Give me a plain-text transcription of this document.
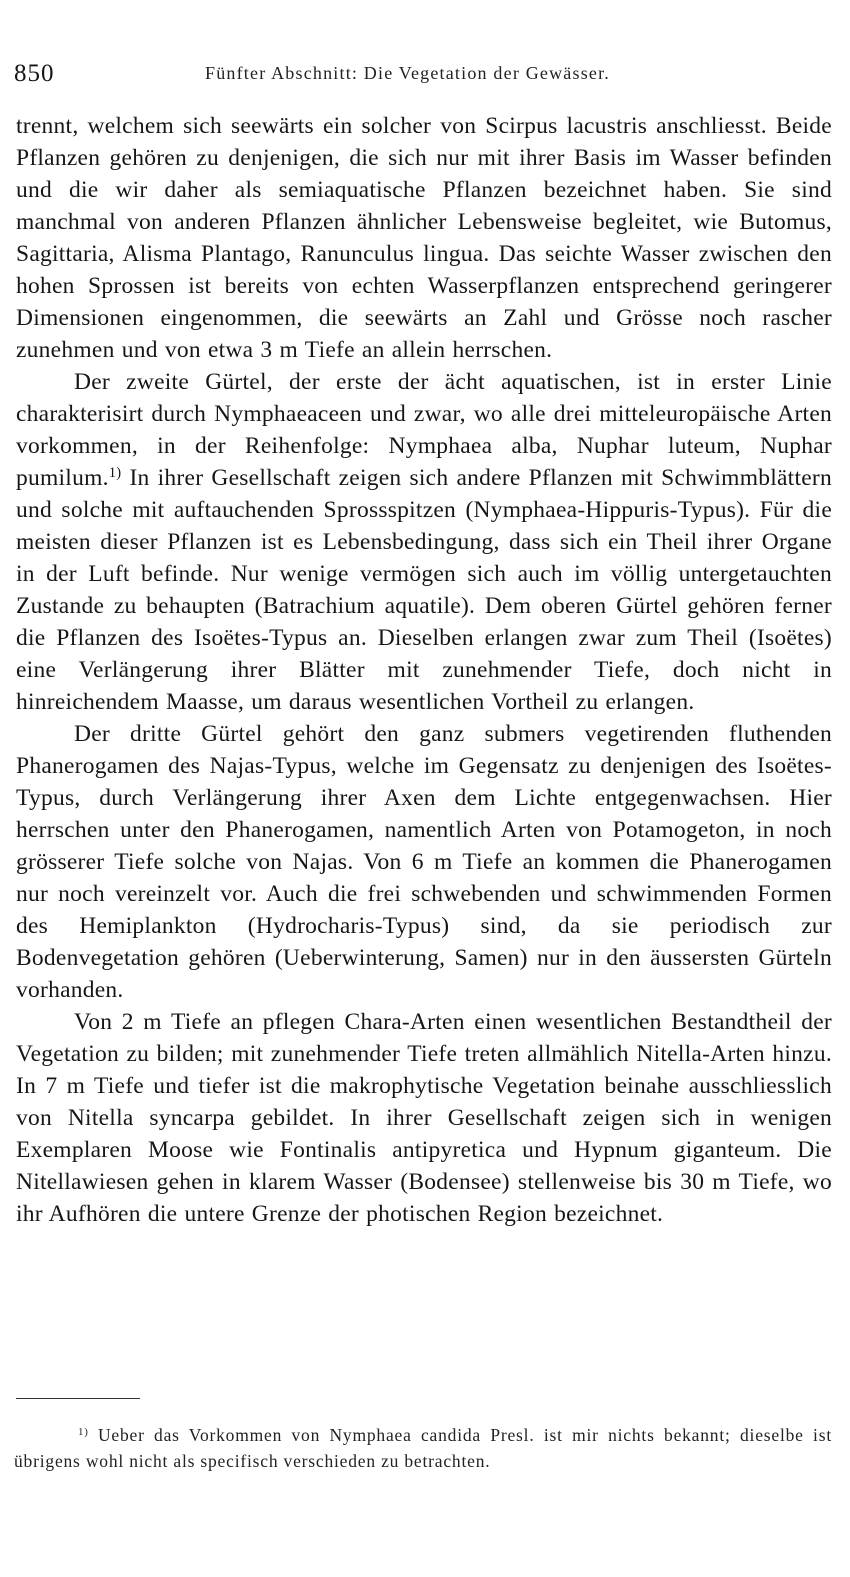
850	Fünfter Abschnitt: Die Vegetation der Gewässer.

trennt, welchem sich seewärts ein solcher von Scirpus lacustris anschliesst. Beide Pflanzen gehören zu denjenigen, die sich nur mit ihrer Basis im Wasser befinden und die wir daher als semiaquatische Pflanzen bezeichnet haben. Sie sind manchmal von anderen Pflanzen ähnlicher Lebensweise begleitet, wie Butomus, Sagittaria, Alisma Plantago, Ranunculus lingua. Das seichte Wasser zwischen den hohen Sprossen ist bereits von echten Wasserpflanzen entsprechend geringerer Dimensionen eingenommen, die seewärts an Zahl und Grösse noch rascher zunehmen und von etwa 3 m Tiefe an allein herrschen.

Der zweite Gürtel, der erste der ächt aquatischen, ist in erster Linie charakterisirt durch Nymphaeaceen und zwar, wo alle drei mitteleuropäische Arten vorkommen, in der Reihenfolge: Nymphaea alba, Nuphar luteum, Nuphar pumilum.$^{1)}$ In ihrer Gesellschaft zeigen sich andere Pflanzen mit Schwimmblättern und solche mit auftauchenden Sprossspitzen (Nymphaea-Hippuris-Typus). Für die meisten dieser Pflanzen ist es Lebensbedingung, dass sich ein Theil ihrer Organe in der Luft befinde. Nur wenige vermögen sich auch im völlig untergetauchten Zustande zu behaupten (Batrachium aquatile). Dem oberen Gürtel gehören ferner die Pflanzen des Isoëtes-Typus an. Dieselben erlangen zwar zum Theil (Isoëtes) eine Verlängerung ihrer Blätter mit zunehmender Tiefe, doch nicht in hinreichendem Maasse, um daraus wesentlichen Vortheil zu erlangen.

Der dritte Gürtel gehört den ganz submers vegetirenden fluthenden Phanerogamen des Najas-Typus, welche im Gegensatz zu denjenigen des Isoëtes-Typus, durch Verlängerung ihrer Axen dem Lichte entgegenwachsen. Hier herrschen unter den Phanerogamen, namentlich Arten von Potamogeton, in noch grösserer Tiefe solche von Najas. Von 6 m Tiefe an kommen die Phanerogamen nur noch vereinzelt vor. Auch die frei schwebenden und schwimmenden Formen des Hemiplankton (Hydrocharis-Typus) sind, da sie periodisch zur Bodenvegetation gehören (Ueberwinterung, Samen) nur in den äussersten Gürteln vorhanden.

Von 2 m Tiefe an pflegen Chara-Arten einen wesentlichen Bestandtheil der Vegetation zu bilden; mit zunehmender Tiefe treten allmählich Nitella-Arten hinzu. In 7 m Tiefe und tiefer ist die makrophytische Vegetation beinahe ausschliesslich von Nitella syncarpa gebildet. In ihrer Gesellschaft zeigen sich in wenigen Exemplaren Moose wie Fontinalis antipyretica und Hypnum giganteum. Die Nitellawiesen gehen in klarem Wasser (Bodensee) stellenweise bis 30 m Tiefe, wo ihr Aufhören die untere Grenze der photischen Region bezeichnet.

$^{1)}$ Ueber das Vorkommen von Nymphaea candida Presl. ist mir nichts bekannt; dieselbe ist übrigens wohl nicht als specifisch verschieden zu betrachten.
